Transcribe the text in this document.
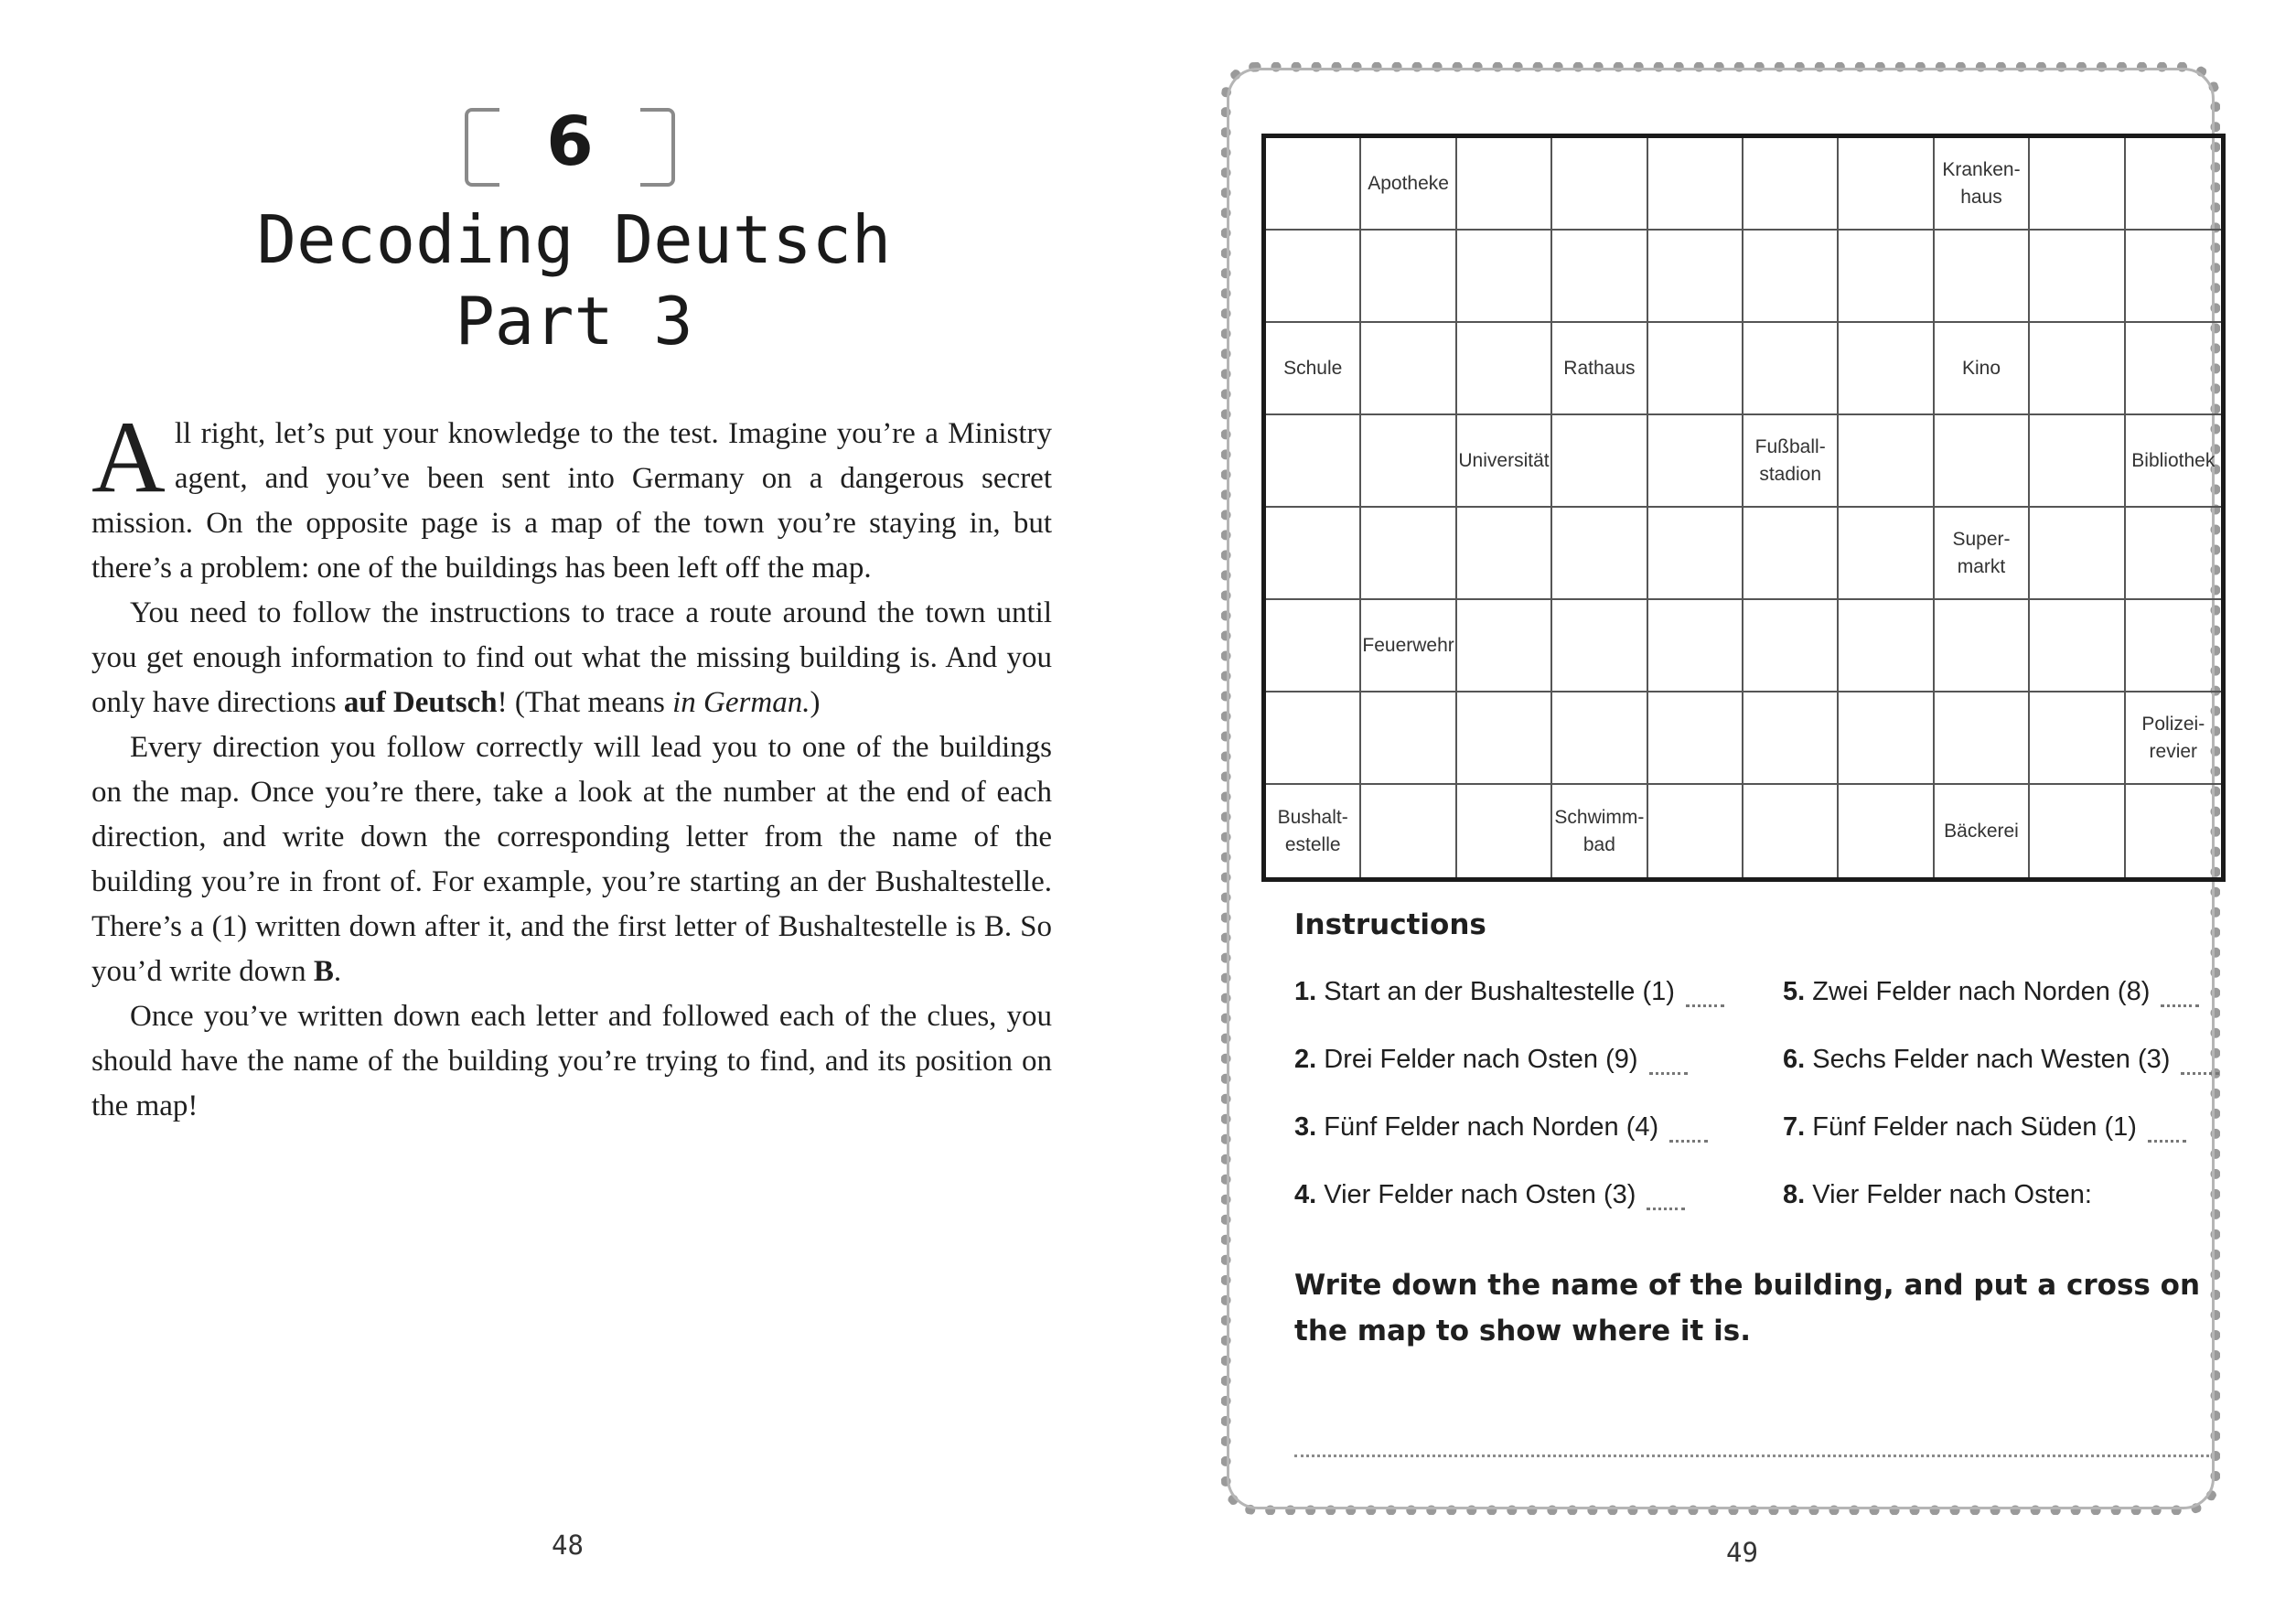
6
Decoding Deutsch
Part 3

All right, let’s put your knowledge to the test. Imagine you’re a Ministry agent, and you’ve been sent into Germany on a dangerous secret mission. On the opposite page is a map of the town you’re staying in, but there’s a problem: one of the buildings has been left off the map.

You need to follow the instructions to trace a route around the town until you get enough information to find out what the missing building is. And you only have directions auf Deutsch! (That means in German.)

Every direction you follow correctly will lead you to one of the buildings on the map. Once you’re there, take a look at the number at the end of each direction, and write down the corresponding letter from the name of the building you’re in front of. For example, you’re starting an der Bushaltestelle. There’s a (1) written down after it, and the first letter of Bushaltestelle is B. So you’d write down B.

Once you’ve written down each letter and followed each of the clues, you should have the name of the building you’re trying to find, and its position on the map!

48
Apotheke
Kranken-
haus
Schule	Rathaus	Kino
Universität
Fußball-
stadion
Bibliothek
Super-
markt
Feuerwehr
Polizei-
revier
Bushalt-
estelle
Schwimm-
bad
Bäckerei
Instructions
1. Start an der Bushaltestelle (1)
2. Drei Felder nach Osten (9)
3. Fünf Felder nach Norden (4)
4. Vier Felder nach Osten (3)
5. Zwei Felder nach Norden (8)
6. Sechs Felder nach Westen (3)
7. Fünf Felder nach Süden (1)
8. Vier Felder nach Osten:
Write down the name of the building, and put a cross on the map to show where it is.
49
